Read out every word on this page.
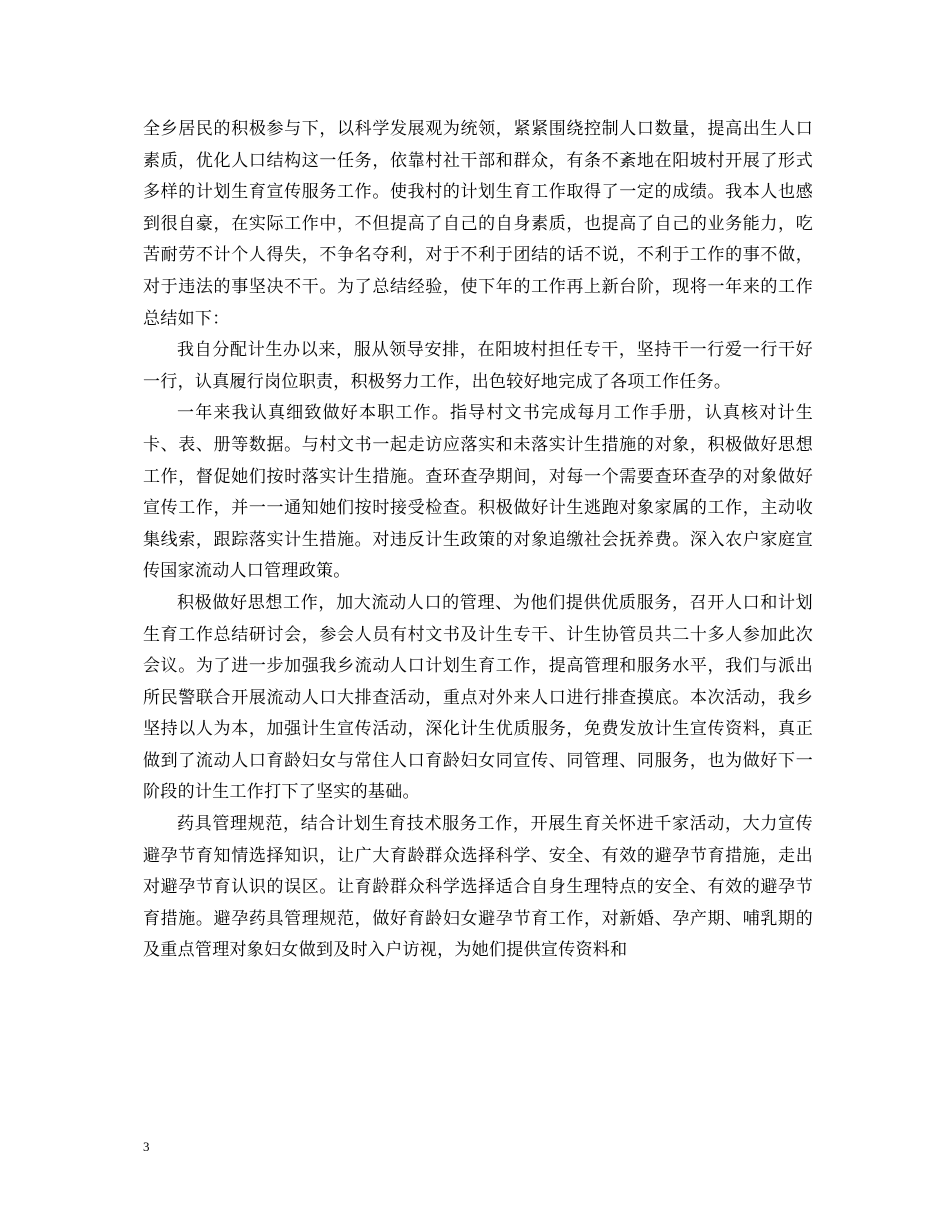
全乡居民的积极参与下，以科学发展观为统领，紧紧围绕控制人口数量，提高出生人口素质，优化人口结构这一任务，依靠村社干部和群众，有条不紊地在阳坡村开展了形式多样的计划生育宣传服务工作。使我村的计划生育工作取得了一定的成绩。我本人也感到很自豪，在实际工作中，不但提高了自己的自身素质，也提高了自己的业务能力，吃苦耐劳不计个人得失，不争名夺利，对于不利于团结的话不说，不利于工作的事不做，对于违法的事坚决不干。为了总结经验，使下年的工作再上新台阶，现将一年来的工作总结如下：

我自分配计生办以来，服从领导安排，在阳坡村担任专干，坚持干一行爱一行干好一行，认真履行岗位职责，积极努力工作，出色较好地完成了各项工作任务。

一年来我认真细致做好本职工作。指导村文书完成每月工作手册，认真核对计生卡、表、册等数据。与村文书一起走访应落实和未落实计生措施的对象，积极做好思想工作，督促她们按时落实计生措施。查环查孕期间，对每一个需要查环查孕的对象做好宣传工作，并一一通知她们按时接受检查。积极做好计生逃跑对象家属的工作，主动收集线索，跟踪落实计生措施。对违反计生政策的对象追缴社会抚养费。深入农户家庭宣传国家流动人口管理政策。

积极做好思想工作，加大流动人口的管理、为他们提供优质服务，召开人口和计划生育工作总结研讨会，参会人员有村文书及计生专干、计生协管员共二十多人参加此次会议。为了进一步加强我乡流动人口计划生育工作，提高管理和服务水平，我们与派出所民警联合开展流动人口大排查活动，重点对外来人口进行排查摸底。本次活动，我乡坚持以人为本，加强计生宣传活动，深化计生优质服务，免费发放计生宣传资料，真正做到了流动人口育龄妇女与常住人口育龄妇女同宣传、同管理、同服务，也为做好下一阶段的计生工作打下了坚实的基础。

药具管理规范，结合计划生育技术服务工作，开展生育关怀进千家活动，大力宣传避孕节育知情选择知识，让广大育龄群众选择科学、安全、有效的避孕节育措施，走出对避孕节育认识的误区。让育龄群众科学选择适合自身生理特点的安全、有效的避孕节育措施。避孕药具管理规范，做好育龄妇女避孕节育工作，对新婚、孕产期、哺乳期的及重点管理对象妇女做到及时入户访视，为她们提供宣传资料和

3
